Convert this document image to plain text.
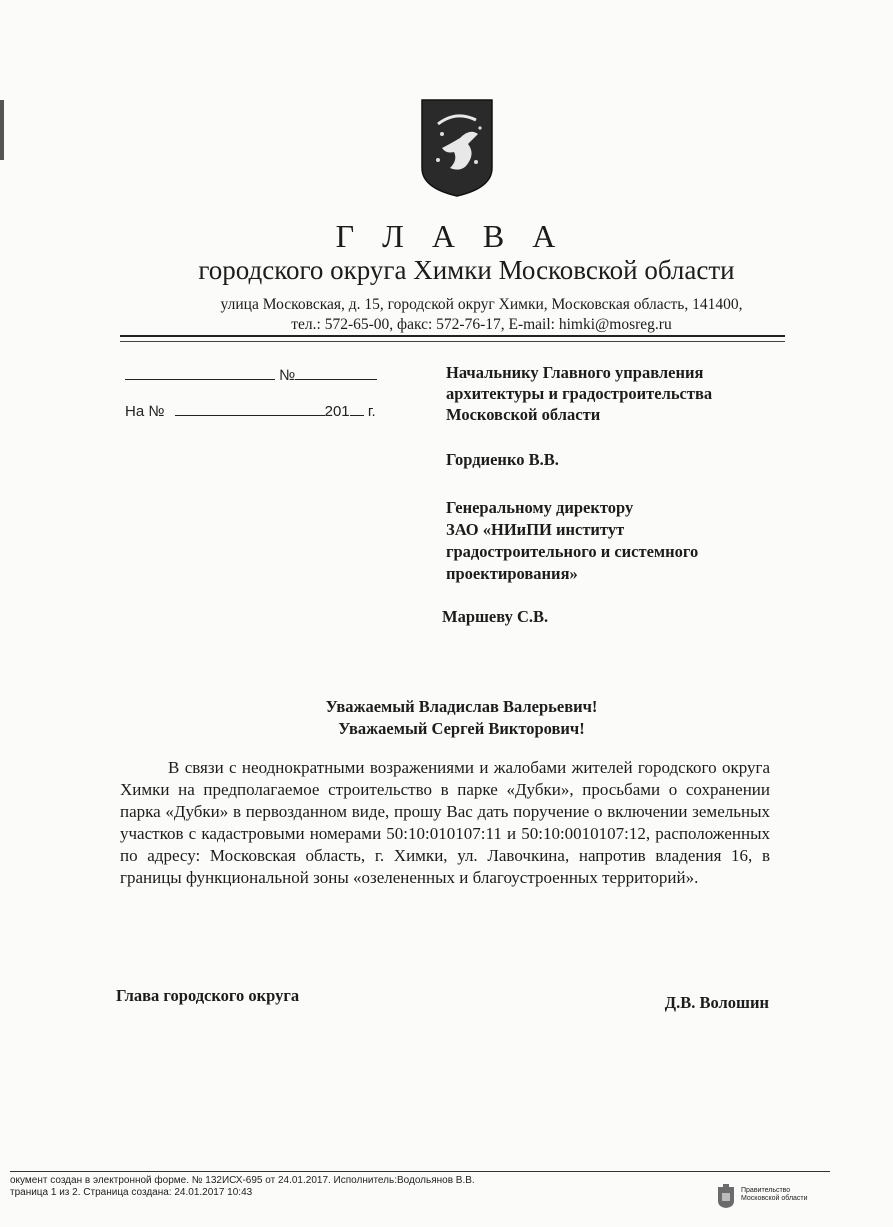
Г Л А В А
городского округа Химки Московской области
улица Московская, д. 15, городской округ Химки, Московская область, 141400,
тел.: 572-65-00, факс: 572-76-17, E-mail: himki@mosreg.ru
№
На №	201 г.
Начальнику Главного управления
архитектуры и градостроительства
Московской области
Гордиенко В.В.
Генеральному директору
ЗАО «НИиПИ институт
градостроительного и системного
проектирования»
Маршеву С.В.
Уважаемый Владислав Валерьевич!
Уважаемый Сергей Викторович!
В связи с неоднократными возражениями и жалобами жителей городского округа Химки на предполагаемое строительство в парке «Дубки», просьбами о сохранении парка «Дубки» в первозданном виде, прошу Вас дать поручение о включении земельных участков с кадастровыми номерами 50:10:010107:11 и 50:10:0010107:12, расположенных по адресу: Московская область, г. Химки, ул. Лавочкина, напротив владения 16, в границы функциональной зоны «озелененных и благоустроенных территорий».
Глава городского округа	Д.В. Волошин
окумент создан в электронной форме. № 132ИСХ-695 от 24.01.2017. Исполнитель:Водольянов В.В.
траница 1 из 2. Страница создана: 24.01.2017 10:43	Правительство
Московской области
